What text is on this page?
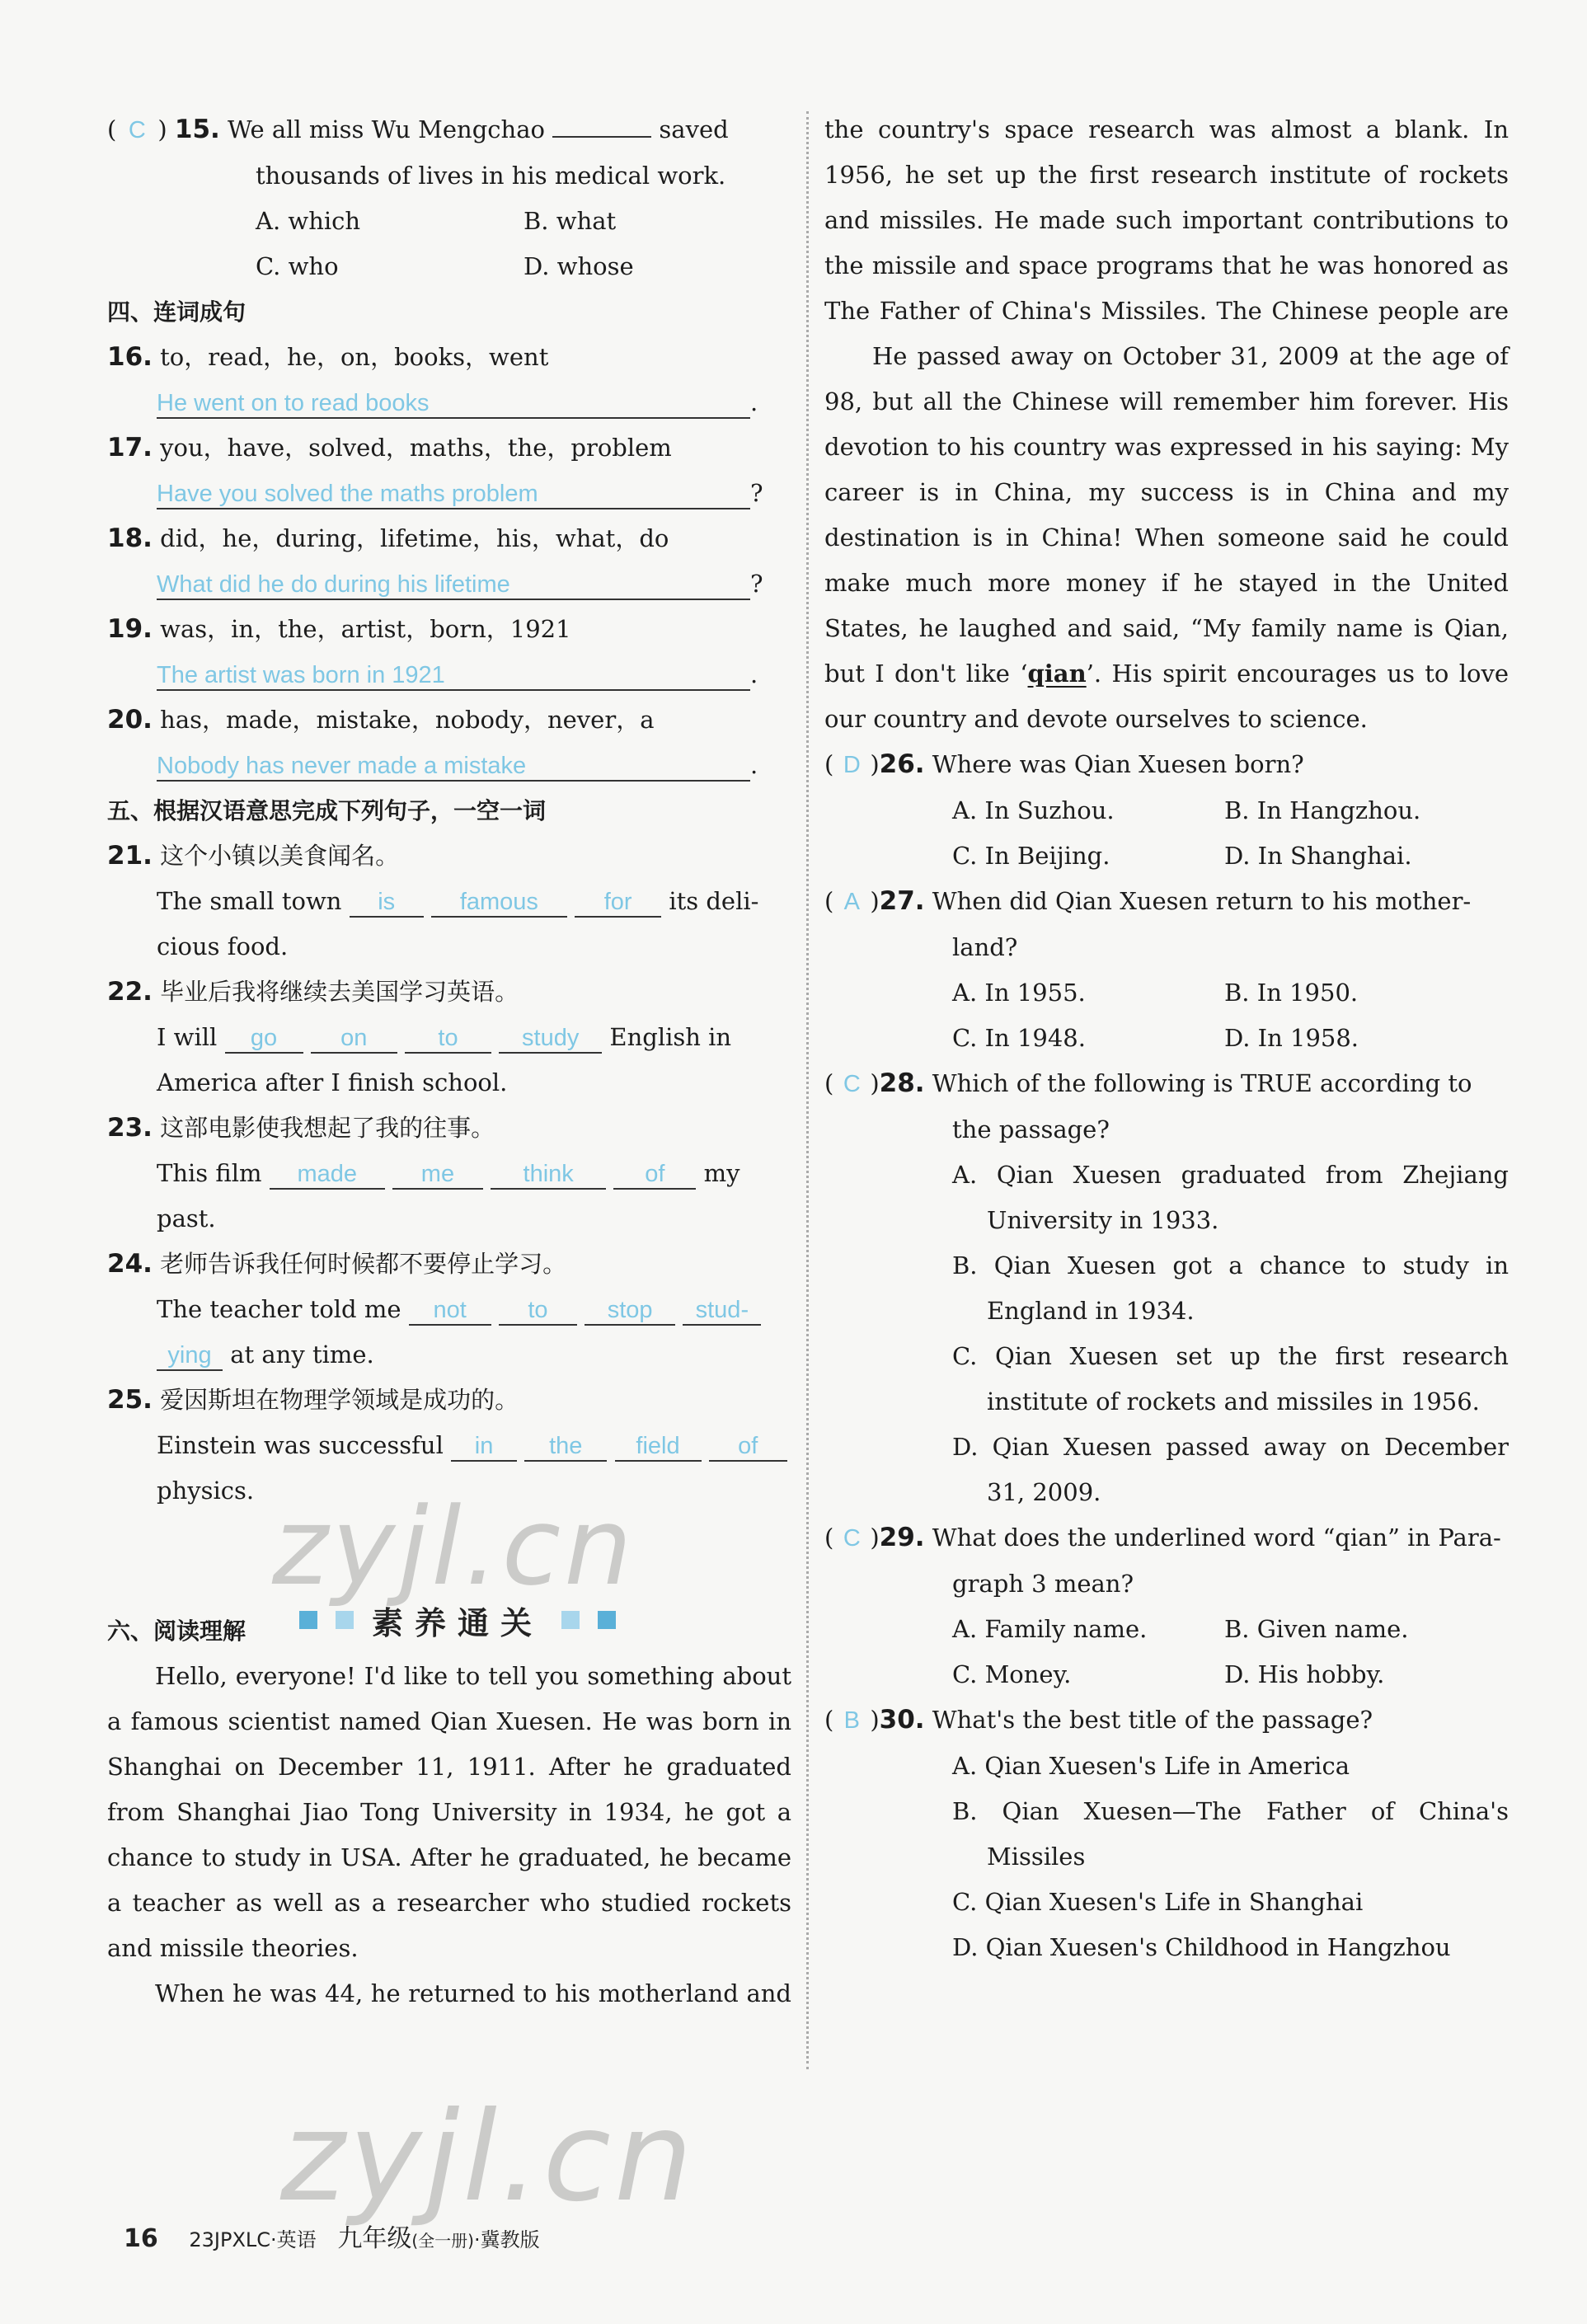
( C ) 15. We all miss Wu Mengchao	saved
thousands of lives in his medical work.
A. which	B. what
C. who	D. whose
四、连词成句
16. to，read，he，on，books，went
He went on to read books	.
17. you，have，solved，maths，the，problem
Have you solved the maths problem	?
18. did，he，during，lifetime，his，what，do
What did he do during his lifetime	?
19. was，in，the，artist，born，1921
The artist was born in 1921	.
20. has，made，mistake，nobody，never，a
Nobody has never made a mistake	.
五、根据汉语意思完成下列句子，一空一词
21. 这个小镇以美食闻名。
The small town is	famous	for its deli-
cious food.
22. 毕业后我将继续去美国学习英语。
I will go	on	to	study English in
America after I finish school.
23. 这部电影使我想起了我的往事。
This film made	me	think	of my
past.
24. 老师告诉我任何时候都不要停止学习。
The teacher told me not	to stop stud-
ying at any time.
25. 爱因斯坦在物理学领域是成功的。
Einstein was successful in the field of
physics.
六、阅读理解
Hello, everyone! I'd like to tell you something about a famous scientist named Qian Xuesen. He was born in Shanghai on December 11, 1911. After he graduated from Shanghai Jiao Tong University in 1934, he got a chance to study in USA. After he graduated, he became a teacher as well as a researcher who studied rockets and missile theories.
When he was 44, he returned to his motherland and
素养通关
the country's space research was almost a blank. In 1956, he set up the first research institute of rockets and missiles. He made such important contributions to the missile and space programs that he was honored as The Father of China's Missiles. The Chinese people are
He passed away on October 31, 2009 at the age of 98, but all the Chinese will remember him forever. His devotion to his country was expressed in his saying: My career is in China, my success is in China and my destination is in China! When someone said he could make much more money if he stayed in the United States, he laughed and said, “My family name is Qian, but I don't like ‘qian’. His spirit encourages us to love our country and devote ourselves to science.
( D )26. Where was Qian Xuesen born?
A. In Suzhou.	B. In Hangzhou.
C. In Beijing.	D. In Shanghai.
( A )27. When did Qian Xuesen return to his mother-
land?
A. In 1955.	B. In 1950.
C. In 1948.	D. In 1958.
( C )28. Which of the following is TRUE according to
the passage?
A. Qian Xuesen graduated from Zhejiang University in 1933.
B. Qian Xuesen got a chance to study in England in 1934.
C. Qian Xuesen set up the first research institute of rockets and missiles in 1956.
D. Qian Xuesen passed away on December 31, 2009.
( C )29. What does the underlined word “qian” in Para-
graph 3 mean?
A. Family name.	B. Given name.
C. Money.	D. His hobby.
( B )30. What's the best title of the passage?
A. Qian Xuesen's Life in America
B. Qian Xuesen—The Father of China's Missiles
C. Qian Xuesen's Life in Shanghai
D. Qian Xuesen's Childhood in Hangzhou
zyjl.cn
zyjl.cn
16 23JPXLC·英语 九年级(全一册)·冀教版
